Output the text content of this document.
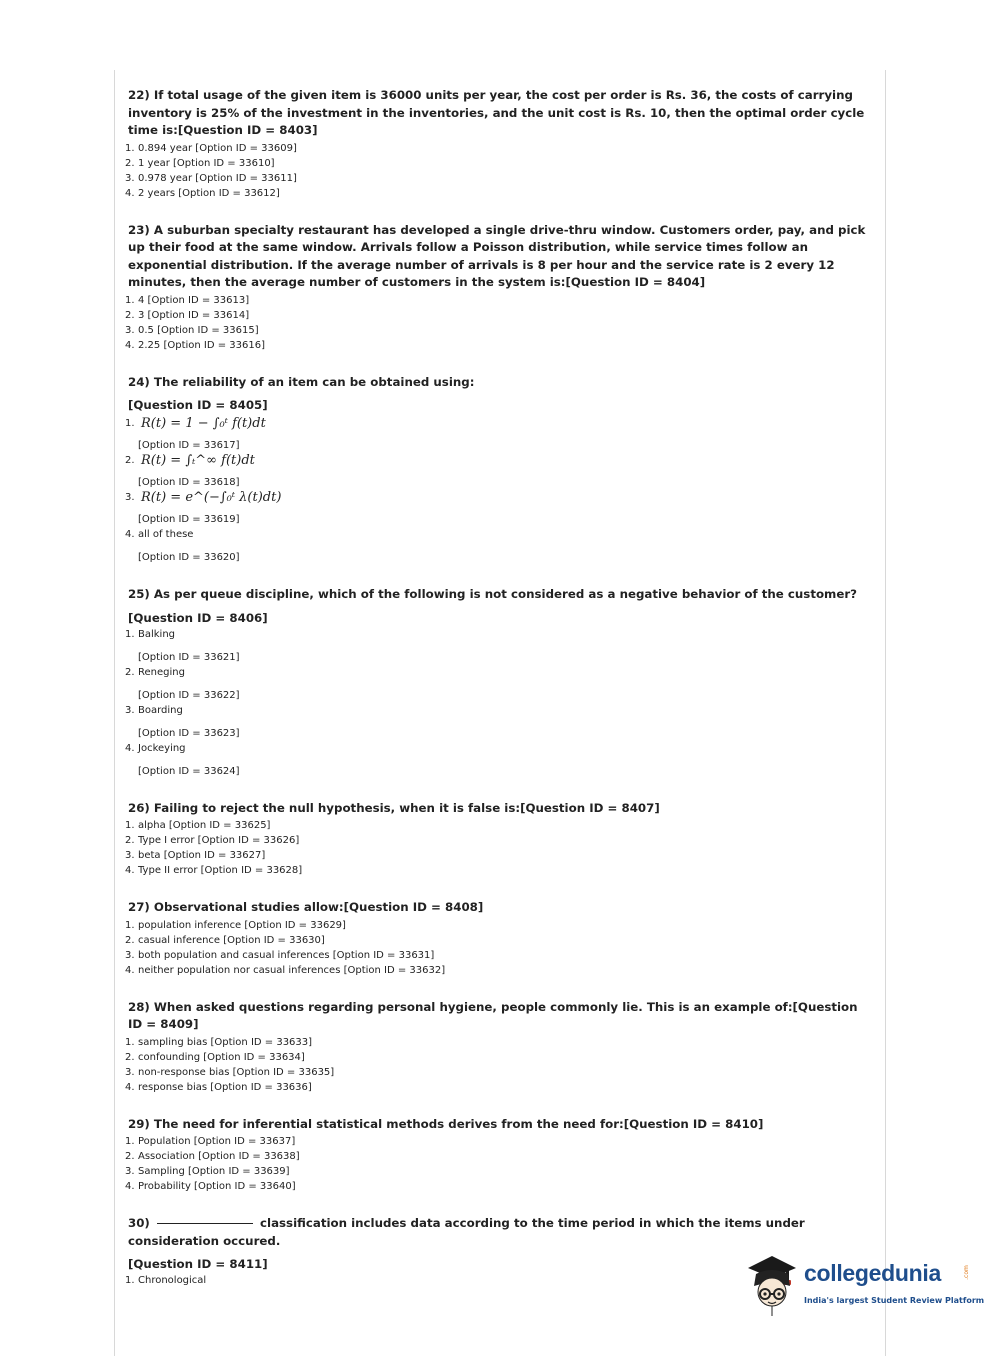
22) If total usage of the given item is 36000 units per year, the cost per order is Rs. 36, the costs of carrying inventory is 25% of the investment in the inventories, and the unit cost is Rs. 10, then the optimal order cycle time is:[Question ID = 8403]

1. 0.894 year [Option ID = 33609]
2. 1 year [Option ID = 33610]
3. 0.978 year [Option ID = 33611]
4. 2 years [Option ID = 33612]

23) A suburban specialty restaurant has developed a single drive-thru window. Customers order, pay, and pick up their food at the same window. Arrivals follow a Poisson distribution, while service times follow an exponential distribution. If the average number of arrivals is 8 per hour and the service rate is 2 every 12 minutes, then the average number of customers in the system is:[Question ID = 8404]

1. 4 [Option ID = 33613]
2. 3 [Option ID = 33614]
3. 0.5 [Option ID = 33615]
4. 2.25 [Option ID = 33616]

24) The reliability of an item can be obtained using:

[Question ID = 8405]

1. R(t) = 1 − ∫₀ᵗ f(t)dt
[Option ID = 33617]
2. R(t) = ∫ₜ^∞ f(t)dt
[Option ID = 33618]
3. R(t) = e^(−∫₀ᵗ λ(t)dt)
[Option ID = 33619]
4. all of these
[Option ID = 33620]

25) As per queue discipline, which of the following is not considered as a negative behavior of the customer?

[Question ID = 8406]

1. Balking
[Option ID = 33621]
2. Reneging
[Option ID = 33622]
3. Boarding
[Option ID = 33623]
4. Jockeying
[Option ID = 33624]

26) Failing to reject the null hypothesis, when it is false is:[Question ID = 8407]

1. alpha [Option ID = 33625]
2. Type I error [Option ID = 33626]
3. beta [Option ID = 33627]
4. Type II error [Option ID = 33628]

27) Observational studies allow:[Question ID = 8408]

1. population inference [Option ID = 33629]
2. casual inference [Option ID = 33630]
3. both population and casual inferences [Option ID = 33631]
4. neither population nor casual inferences [Option ID = 33632]

28) When asked questions regarding personal hygiene, people commonly lie. This is an example of:[Question ID = 8409]

1. sampling bias [Option ID = 33633]
2. confounding [Option ID = 33634]
3. non-response bias [Option ID = 33635]
4. response bias [Option ID = 33636]

29) The need for inferential statistical methods derives from the need for:[Question ID = 8410]

1. Population [Option ID = 33637]
2. Association [Option ID = 33638]
3. Sampling [Option ID = 33639]
4. Probability [Option ID = 33640]

30)	classification includes data according to the time period in which the items under consideration occured.

[Question ID = 8411]

1. Chronological	collegedunia	.com
India's largest Student Review Platform
